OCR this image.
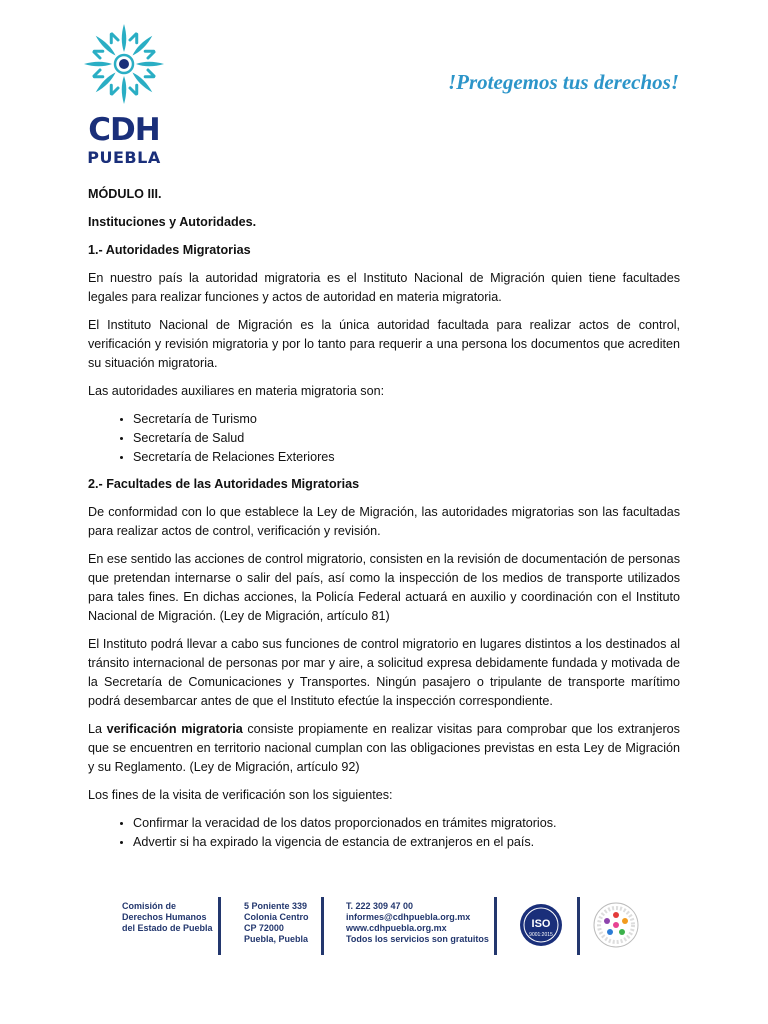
CDH
PUEBLA
!Protegemos tus derechos!

MÓDULO III.

Instituciones y Autoridades.

1.- Autoridades Migratorias

En nuestro país la autoridad migratoria es el Instituto Nacional de Migración quien tiene facultades legales para realizar funciones y actos de autoridad en materia migratoria.

El Instituto Nacional de Migración es la única autoridad facultada para realizar actos de control, verificación y revisión migratoria y por lo tanto para requerir a una persona los documentos que acrediten su situación migratoria.

Las autoridades auxiliares en materia migratoria son:

• Secretaría de Turismo
• Secretaría de Salud
• Secretaría de Relaciones Exteriores

2.- Facultades de las Autoridades Migratorias

De conformidad con lo que establece la Ley de Migración, las autoridades migratorias son las facultadas para realizar actos de control, verificación y revisión.

En ese sentido las acciones de control migratorio, consisten en la revisión de documentación de personas que pretendan internarse o salir del país, así como la inspección de los medios de transporte utilizados para tales fines. En dichas acciones, la Policía Federal actuará en auxilio y coordinación con el Instituto Nacional de Migración. (Ley de Migración, artículo 81)

El Instituto podrá llevar a cabo sus funciones de control migratorio en lugares distintos a los destinados al tránsito internacional de personas por mar y aire, a solicitud expresa debidamente fundada y motivada de la Secretaría de Comunicaciones y Transportes. Ningún pasajero o tripulante de transporte marítimo podrá desembarcar antes de que el Instituto efectúe la inspección correspondiente.

La verificación migratoria consiste propiamente en realizar visitas para comprobar que los extranjeros que se encuentren en territorio nacional cumplan con las obligaciones previstas en esta Ley de Migración y su Reglamento. (Ley de Migración, artículo 92)

Los fines de la visita de verificación son los siguientes:

• Confirmar la veracidad de los datos proporcionados en trámites migratorios.
• Advertir si ha expirado la vigencia de estancia de extranjeros en el país.
Comisión de
Derechos Humanos
del Estado de Puebla
5 Poniente 339
Colonia Centro
CP 72000
Puebla, Puebla
T. 222 309 47 00
informes@cdhpuebla.org.mx
www.cdhpuebla.org.mx
Todos los servicios son gratuitos
ISO
9001:2015
